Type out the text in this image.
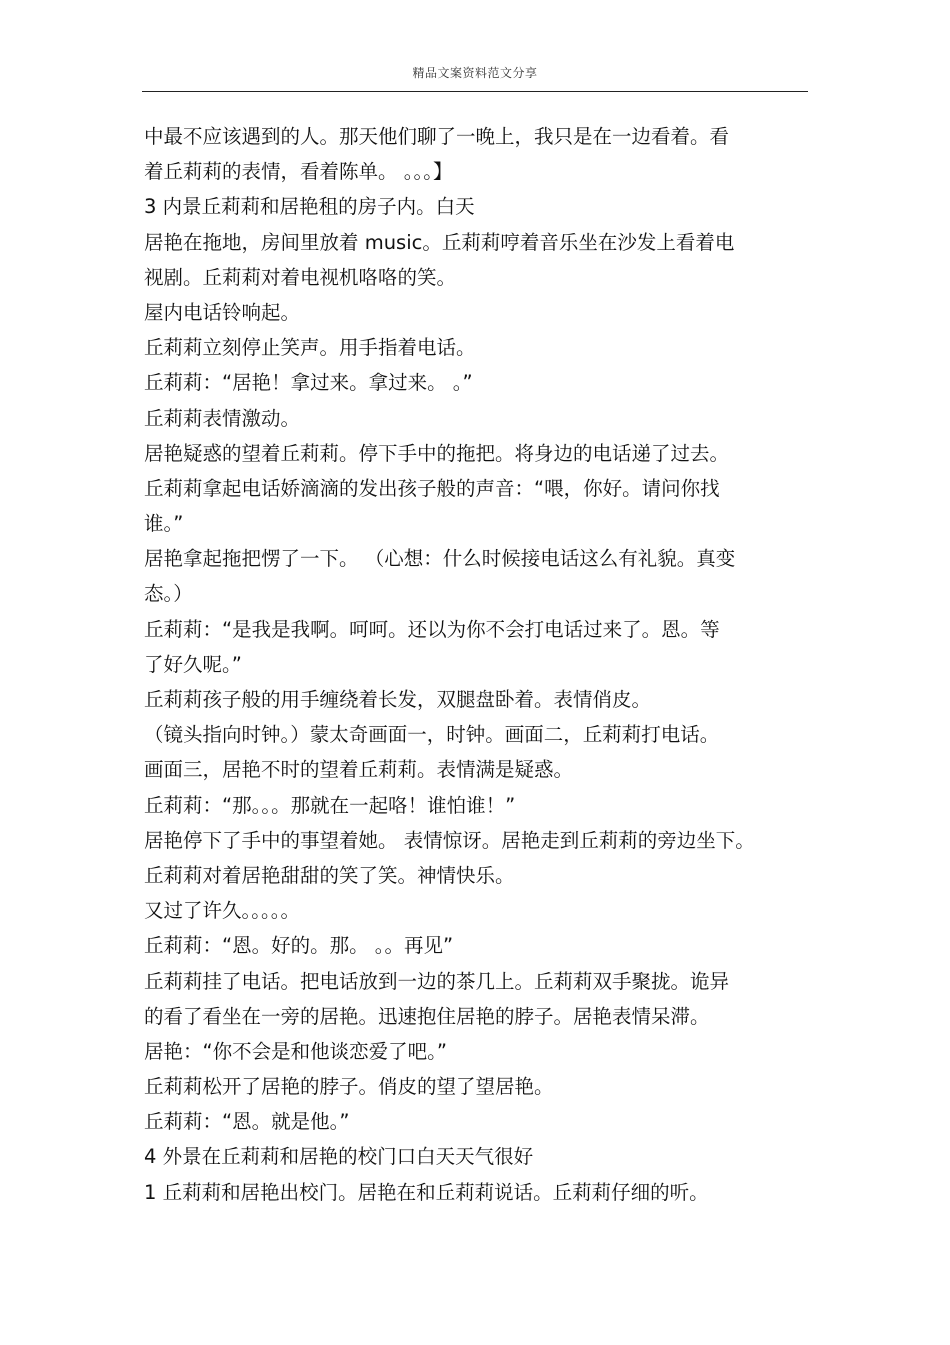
精品文案资料范文分享
中最不应该遇到的人。那天他们聊了一晚上，我只是在一边看着。看
着丘莉莉的表情，看着陈单。 。。。】
3 内景丘莉莉和居艳租的房子内。白天
居艳在拖地，房间里放着 music。丘莉莉哼着音乐坐在沙发上看着电
视剧。丘莉莉对着电视机咯咯的笑。
屋内电话铃响起。
丘莉莉立刻停止笑声。用手指着电话。
丘莉莉：“居艳！拿过来。拿过来。 。”
丘莉莉表情激动。
居艳疑惑的望着丘莉莉。停下手中的拖把。将身边的电话递了过去。
丘莉莉拿起电话娇滴滴的发出孩子般的声音：“喂，你好。请问你找
谁。”
居艳拿起拖把愣了一下。 （心想：什么时候接电话这么有礼貌。真变
态。）
丘莉莉：“是我是我啊。呵呵。还以为你不会打电话过来了。恩。等
了好久呢。”
丘莉莉孩子般的用手缠绕着长发，双腿盘卧着。表情俏皮。
（镜头指向时钟。）蒙太奇画面一，时钟。画面二，丘莉莉打电话。
画面三，居艳不时的望着丘莉莉。表情满是疑惑。
丘莉莉：“那。。。那就在一起咯！谁怕谁！”
居艳停下了手中的事望着她。 表情惊讶。居艳走到丘莉莉的旁边坐下。
丘莉莉对着居艳甜甜的笑了笑。神情快乐。
又过了许久。。。。。
丘莉莉：“恩。好的。那。 。。再见”
丘莉莉挂了电话。把电话放到一边的茶几上。丘莉莉双手聚拢。诡异
的看了看坐在一旁的居艳。迅速抱住居艳的脖子。居艳表情呆滞。
居艳：“你不会是和他谈恋爱了吧。”
丘莉莉松开了居艳的脖子。俏皮的望了望居艳。
丘莉莉：“恩。就是他。”
4 外景在丘莉莉和居艳的校门口白天天气很好
1 丘莉莉和居艳出校门。居艳在和丘莉莉说话。丘莉莉仔细的听。
